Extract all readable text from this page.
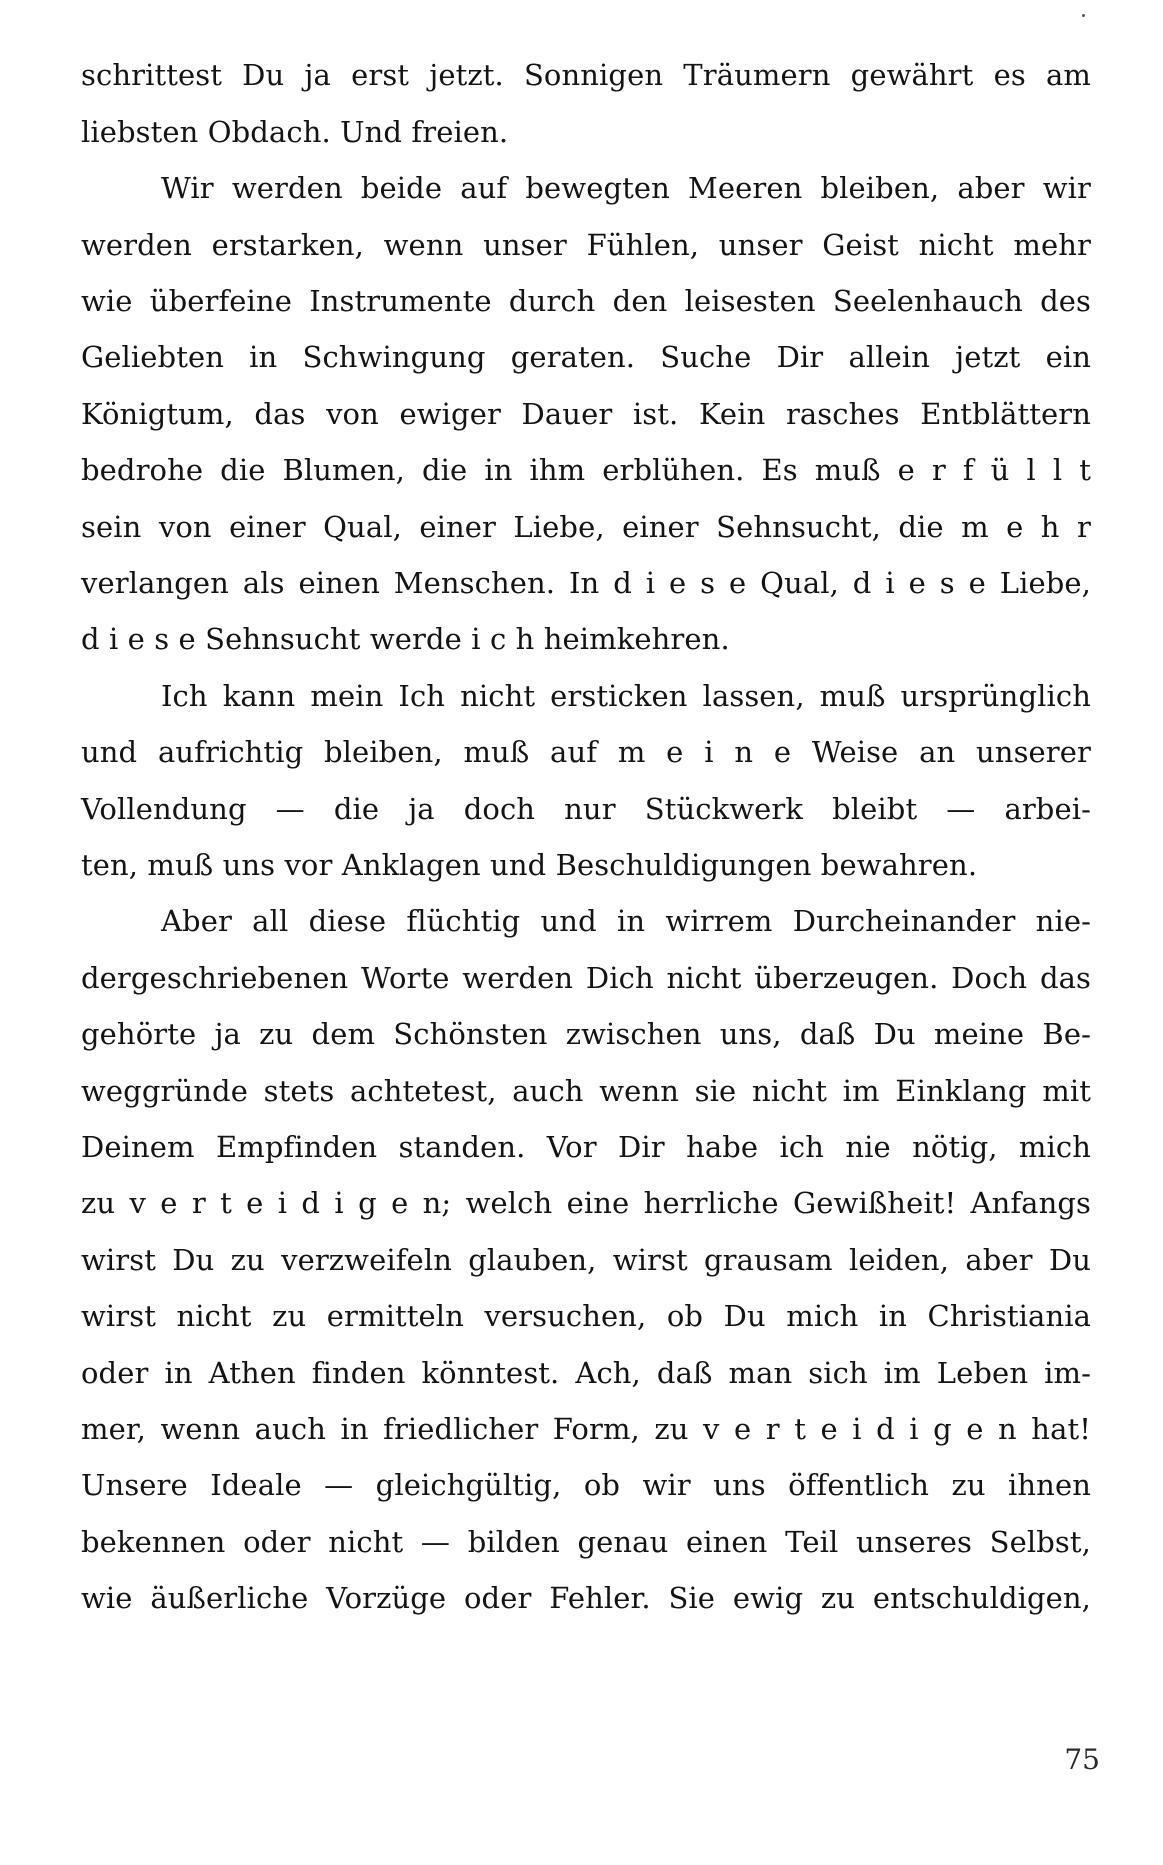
schrittest Du ja erst jetzt. Sonnigen Träumern gewährt es am
liebsten Obdach. Und freien.
Wir werden beide auf bewegten Meeren bleiben, aber wir
werden erstarken, wenn unser Fühlen, unser Geist nicht mehr
wie überfeine Instrumente durch den leisesten Seelenhauch des
Geliebten in Schwingung geraten. Suche Dir allein jetzt ein
Königtum, das von ewiger Dauer ist. Kein rasches Entblättern
bedrohe die Blumen, die in ihm erblühen. Es muß e r f ü l l t
sein von einer Qual, einer Liebe, einer Sehnsucht, die m e h r
verlangen als einen Menschen. In d i e s e Qual, d i e s e Liebe,
d i e s e Sehnsucht werde i c h heimkehren.
Ich kann mein Ich nicht ersticken lassen, muß ursprünglich
und aufrichtig bleiben, muß auf m e i n e Weise an unserer
Vollendung — die ja doch nur Stückwerk bleibt — arbei-
ten, muß uns vor Anklagen und Beschuldigungen bewahren.
Aber all diese flüchtig und in wirrem Durcheinander nie-
dergeschriebenen Worte werden Dich nicht überzeugen. Doch das
gehörte ja zu dem Schönsten zwischen uns, daß Du meine Be-
weggründe stets achtetest, auch wenn sie nicht im Einklang mit
Deinem Empfinden standen. Vor Dir habe ich nie nötig, mich
zu v e r t e i d i g e n; welch eine herrliche Gewißheit! Anfangs
wirst Du zu verzweifeln glauben, wirst grausam leiden, aber Du
wirst nicht zu ermitteln versuchen, ob Du mich in Christiania
oder in Athen finden könntest. Ach, daß man sich im Leben im-
mer, wenn auch in friedlicher Form, zu v e r t e i d i g e n hat!
Unsere Ideale — gleichgültig, ob wir uns öffentlich zu ihnen
bekennen oder nicht — bilden genau einen Teil unseres Selbst,
wie äußerliche Vorzüge oder Fehler. Sie ewig zu entschuldigen,
75
